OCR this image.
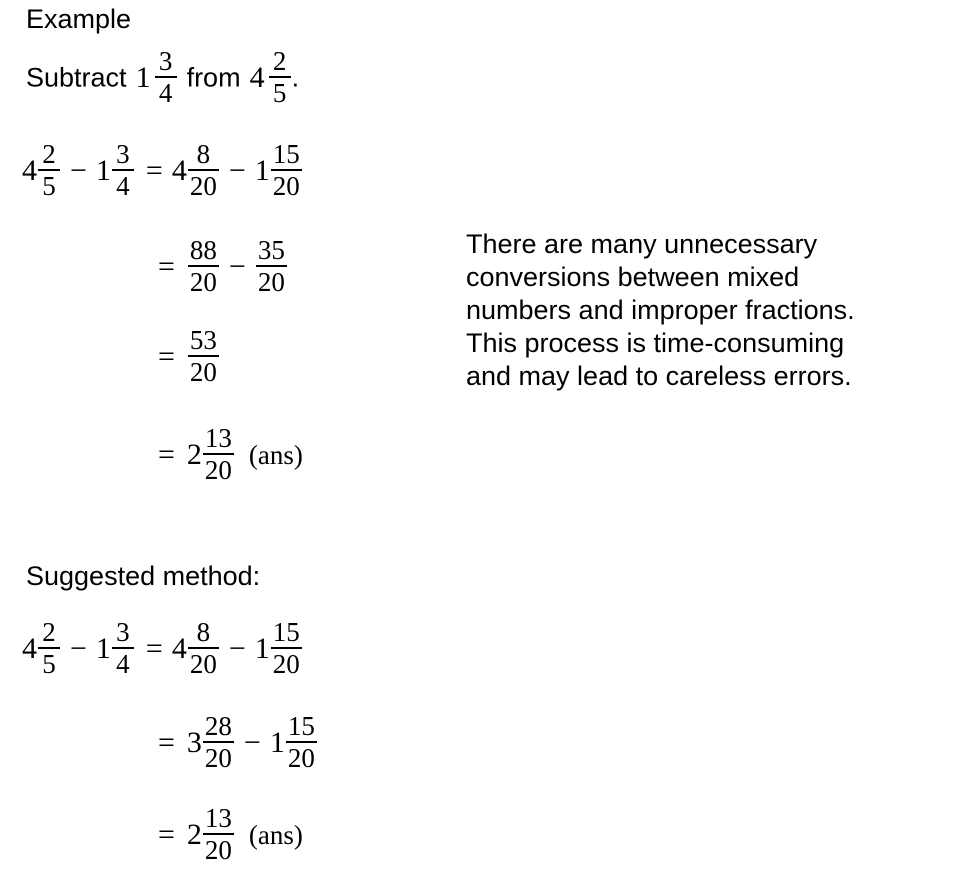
Example
Subtract $1 \frac{3}{4}$ from $4 \frac{2}{5}$ .
$4 \frac{2}{5} - 1 \frac{3}{4} = 4 \frac{8}{20} - 1 \frac{15}{20}$
= $\frac{88}{20} - \frac{35}{20}$
= $\frac{53}{20}$
= $2 \frac{13}{20} (ans)$

There are many unnecessary

conversions between mixed

numbers and improper fractions.

This process is time-consuming

and may lead to careless errors.

Suggested method:
$4 \frac{2}{5} - 1 \frac{3}{4} = 4 \frac{8}{20} - 1 \frac{15}{20}$
= $3 \frac{28}{20} - 1 \frac{15}{20}$
= $2 \frac{13}{20} (ans)$
